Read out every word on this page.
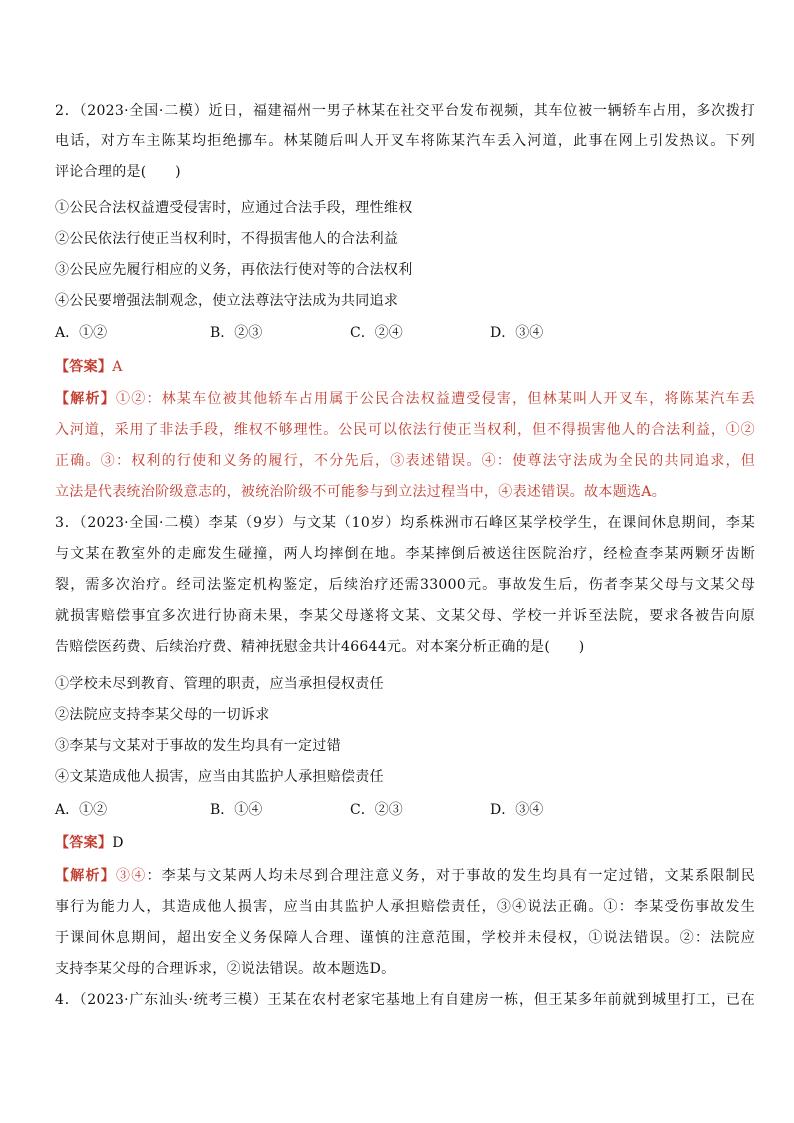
2．（2023·全国·二模）近日，福建福州一男子林某在社交平台发布视频，其车位被一辆轿车占用，多次拨打
电话，对方车主陈某均拒绝挪车。林某随后叫人开叉车将陈某汽车丢入河道，此事在网上引发热议。下列
评论合理的是(　　)
①公民合法权益遭受侵害时，应通过合法手段，理性维权
②公民依法行使正当权利时，不得损害他人的合法利益
③公民应先履行相应的义务，再依法行使对等的合法权利
④公民要增强法制观念，使立法尊法守法成为共同追求
A．①②	B．②③	C．②④	D．③④
【答案】A
【解析】①②：林某车位被其他轿车占用属于公民合法权益遭受侵害，但林某叫人开叉车，将陈某汽车丢
入河道，采用了非法手段，维权不够理性。公民可以依法行使正当权利，但不得损害他人的合法利益，①②
正确。③：权利的行使和义务的履行，不分先后，③表述错误。④：使尊法守法成为全民的共同追求，但
立法是代表统治阶级意志的，被统治阶级不可能参与到立法过程当中，④表述错误。故本题选A。
3．（2023·全国·二模）李某（9岁）与文某（10岁）均系株洲市石峰区某学校学生，在课间休息期间，李某
与文某在教室外的走廊发生碰撞，两人均摔倒在地。李某摔倒后被送往医院治疗，经检查李某两颗牙齿断
裂，需多次治疗。经司法鉴定机构鉴定，后续治疗还需33000元。事故发生后，伤者李某父母与文某父母
就损害赔偿事宜多次进行协商未果，李某父母遂将文某、文某父母、学校一并诉至法院，要求各被告向原
告赔偿医药费、后续治疗费、精神抚慰金共计46644元。对本案分析正确的是(　　)
①学校未尽到教育、管理的职责，应当承担侵权责任
②法院应支持李某父母的一切诉求
③李某与文某对于事故的发生均具有一定过错
④文某造成他人损害，应当由其监护人承担赔偿责任
A．①②	B．①④	C．②③	D．③④
【答案】D
【解析】③④：李某与文某两人均未尽到合理注意义务，对于事故的发生均具有一定过错，文某系限制民
事行为能力人，其造成他人损害，应当由其监护人承担赔偿责任，③④说法正确。①：李某受伤事故发生
于课间休息期间，超出安全义务保障人合理、谨慎的注意范围，学校并未侵权，①说法错误。②：法院应
支持李某父母的合理诉求，②说法错误。故本题选D。
4．（2023·广东汕头·统考三模）王某在农村老家宅基地上有自建房一栋，但王某多年前就到城里打工，已在
